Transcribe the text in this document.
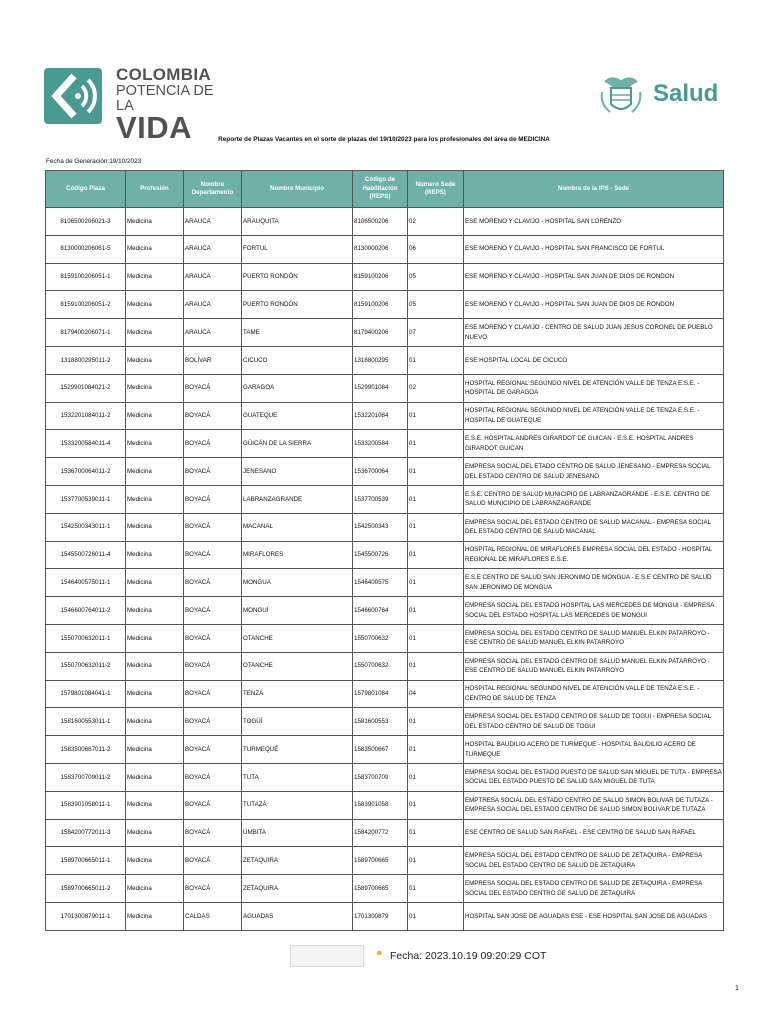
COLOMBIA
POTENCIA DE LA
VIDA
Salud
Reporte de Plazas Vacantes en el sorte de plazas del 19/10/2023 para los profesionales del área de MEDICINA
Fecha de Generación:19/10/2023
Código Plaza	Profesión	Nombre Departamento	Nombre Municipio	Código de Habilitación (REPS)	Número Sede (REPS)	Nombre de la IPS - Sede
8106500206021-3	Medicina	ARAUCA	ARAUQUITA	8106500206	02	ESE MORENO Y CLAVIJO - HOSPITAL SAN LORENZO
8130000206061-5	Medicina	ARAUCA	FORTUL	8130000206	06	ESE MORENO Y CLAVIJO - HOSPITAL SAN FRANCISCO DE FORTUL
8159100206051-1	Medicina	ARAUCA	PUERTO RONDÓN	8159100206	05	ESE MORENO Y CLAVIJO - HOSPITAL SAN JUAN DE DIOS DE RONDON
8159100206051-2	Medicina	ARAUCA	PUERTO RONDÓN	8159100206	05	ESE MORENO Y CLAVIJO - HOSPITAL SAN JUAN DE DIOS DE RONDON
8179400206071-1	Medicina	ARAUCA	TAME	8179400206	07	ESE MORENO Y CLAVIJO - CENTRO DE SALUD JUAN JESUS CORONEL DE PUEBLO NUEVO
1318800295011-2	Medicina	BOLÍVAR	CICUCO	1318800295	01	ESE HOSPITAL LOCAL DE CICUCO
1529901084021-2	Medicina	BOYACÁ	GARAGOA	1529901084	02	HOSPITAL REGIONAL SEGUNDO NIVEL DE ATENCIÓN VALLE DE TENZA E.S.E. - HOSPITAL DE GARAGOA
1532201084011-2	Medicina	BOYACÁ	GUATEQUE	1532201084	01	HOSPITAL REGIONAL SEGUNDO NIVEL DE ATENCIÓN VALLE DE TENZA E.S.E. - HOSPITAL DE GUATEQUE
1533200584011-4	Medicina	BOYACÁ	GÜICÁN DE LA SIERRA	1533200584	01	E.S.E. HOSPITAL ANDRES GIRARDOT DE GUICAN - E.S.E. HOSPITAL ANDRES GIRARDOT GUICAN
1536700064011-2	Medicina	BOYACÁ	JENESANO	1536700064	01	EMPRESA SOCIAL DEL ETADO CENTRO DE SALUD JENESANO - EMPRESA SOCIAL DEL ESTADO CENTRO DE SALUD JENESANO
1537700539011-1	Medicina	BOYACÁ	LABRANZAGRANDE	1537700539	01	E.S.E. CENTRO DE SALUD MUNICIPIO DE LABRANZAGRANDE - E.S.E. CENTRO DE SALUD MUNICIPIO DE LABRANZAGRANDE
1542500343011-1	Medicina	BOYACÁ	MACANAL	1542500343	01	EMPRESA SOCIAL DEL ESTADO CENTRO DE SALUD MACANAL - EMPRESA SOCIAL DEL ESTADO CENTRO DE SALUD MACANAL
1545500726011-4	Medicina	BOYACÁ	MIRAFLORES	1545500726	01	HOSPITAL REGIONAL DE MIRAFLORES EMPRESA SOCIAL DEL ESTADO - HOSPITAL REGIONAL DE MIRAFLORES E.S.E.
1546400575011-1	Medicina	BOYACÁ	MONGUA	1546400575	01	E.S.E CENTRO DE SALUD SAN JERONIMO DE MONGUA - E.S.E CENTRO DE SALUD SAN JERONIMO DE MONGUA
1546600764011-2	Medicina	BOYACÁ	MONGUÍ	1546600764	01	EMPRESA SOCIAL DEL ESTADO HOSPITAL LAS MERCEDES DE MONGUI - EMPRESA SOCIAL DEL ESTADO HOSPITAL LAS MERCEDES DE MONGUI
1550700632011-1	Medicina	BOYACÁ	OTANCHE	1550700632	01	EMPRESA SOCIAL DEL ESTADO CENTRO DE SALUD MANUEL ELKIN PATARROYO - ESE CENTRO DE SALUD MANUEL ELKIN PATARROYO
1550700632011-2	Medicina	BOYACÁ	OTANCHE	1550700632	01	EMPRESA SOCIAL DEL ESTADO CENTRO DE SALUD MANUEL ELKIN PATARROYO - ESE CENTRO DE SALUD MANUEL ELKIN PATARROYO
1579801084041-1	Medicina	BOYACÁ	TENZA	1579801084	04	HOSPITAL REGIONAL SEGUNDO NIVEL DE ATENCIÓN VALLE DE TENZA E.S.E. - CENTRO DE SALUD DE TENZA
1581600553011-1	Medicina	BOYACÁ	TOGÜÍ	1581600553	01	EMPRESA SOCIAL DEL ESTADO CENTRO DE SALUD DE TOGUI - EMPRESA SOCIAL DEL ESTADO CENTRO DE SALUD DE TOGUI
1583500667011-2	Medicina	BOYACÁ	TURMEQUÉ	1583500667	01	HOSPITAL BAUDILIO ACERO DE TURMEQUE - HOSPITAL BAUDILIO ACERO DE TURMEQUE
1583700709011-2	Medicina	BOYACÁ	TUTA	1583700709	01	EMPRESA SOCIAL DEL ESTADO PUESTO DE SALUD SAN MIGUEL DE TUTA - EMPRESA SOCIAL DEL ESTADO PUESTO DE SALUD SAN MIGUEL DE TUTA
1583901058011-1	Medicina	BOYACÁ	TUTAZÁ	1583901058	01	EMPTRESA SOCIAL DEL ESTADO CENTRO DE SALUD SIMON BOLIVAR DE TUTAZA - EMPRESA SOCIAL DEL ESTADO CENTRO DE SALUD SIMON BOLIVAR DE TUTAZA
1584200772011-3	Medicina	BOYACÁ	ÚMBITA	1584200772	01	ESE CENTRO DE SALUD SAN RAFAEL - ESE CENTRO DE SALUD SAN RAFAEL
1589700665011-1	Medicina	BOYACÁ	ZETAQUIRA	1589700665	01	EMPRESA SOCIAL DEL ESTADO CENTRO DE SALUD DE ZETAQUIRA - EMPRESA SOCIAL DEL ESTADO CENTRO DE SALUD DE ZETAQUIRA
1589700665011-2	Medicina	BOYACÁ	ZETAQUIRA	1589700665	01	EMPRESA SOCIAL DEL ESTADO CENTRO DE SALUD DE ZETAQUIRA - EMPRESA SOCIAL DEL ESTADO CENTRO DE SALUD DE ZETAQUIRA
1701300879011-1	Medicina	CALDAS	AGUADAS	1701300879	01	HOSPITAL SAN JOSE DE AGUADAS ESE - ESE HOSPITAL SAN JOSE DE AGUADAS
● Fecha: 2023.10.19 09:20:29 COT
1
